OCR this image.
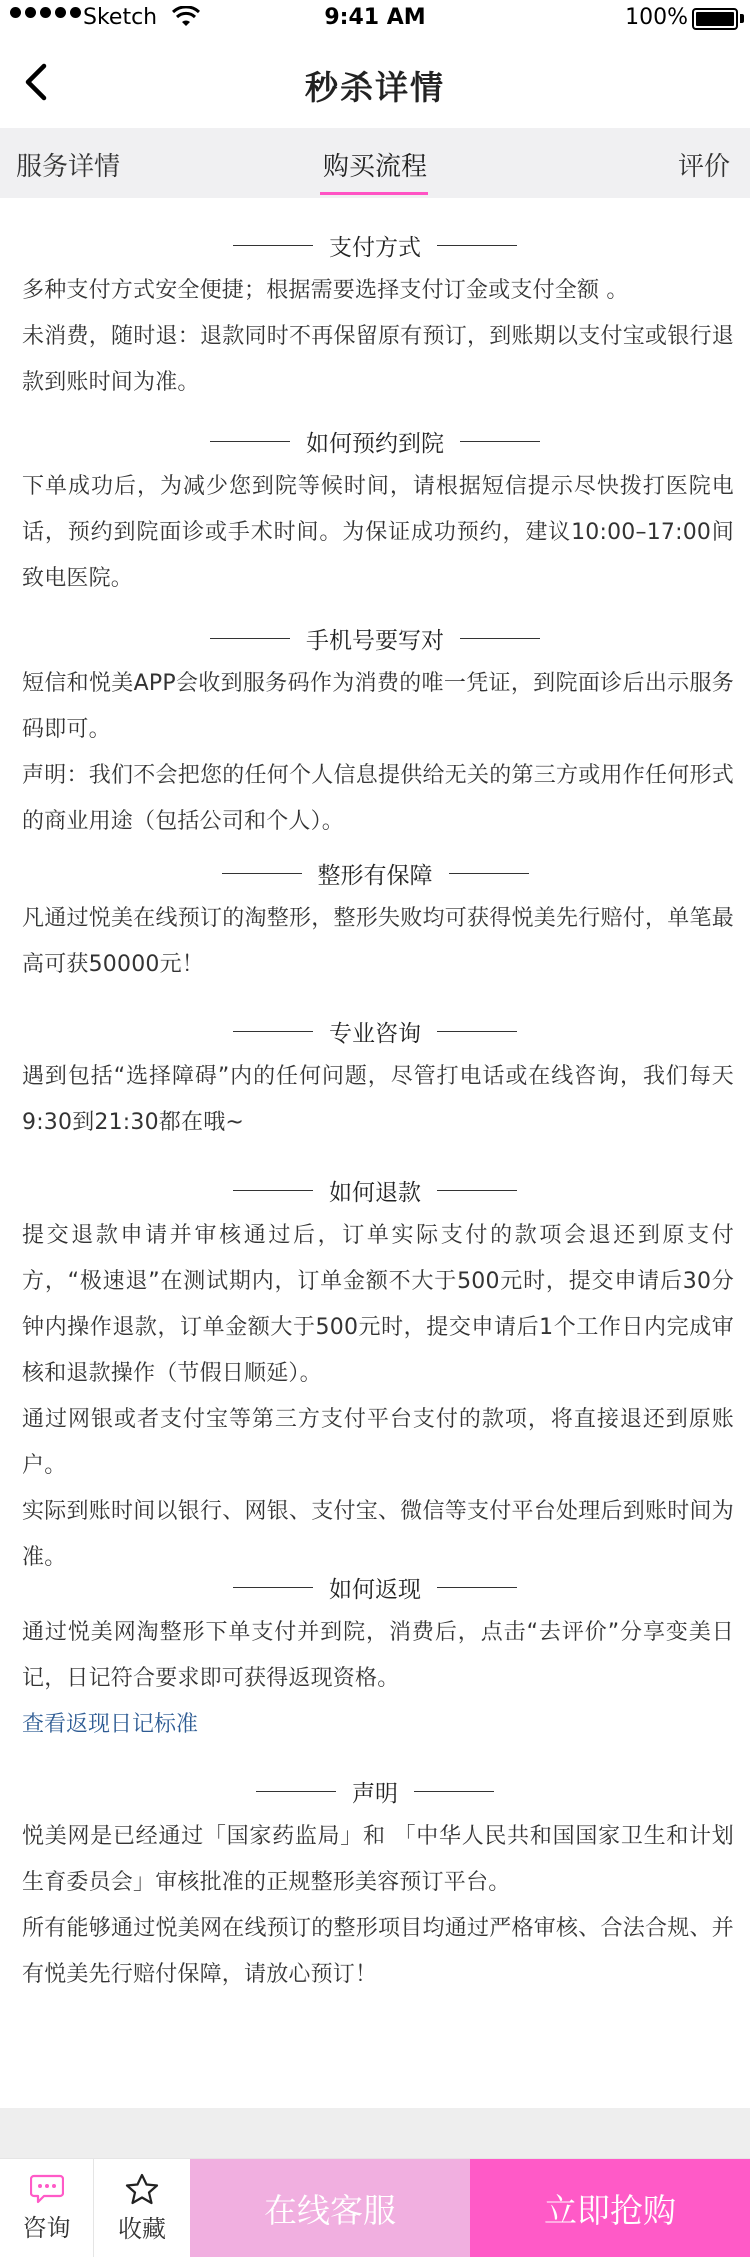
Sketch	9:41 AM	100%
秒杀详情
服务详情	购买流程	评价
支付方式
多种支付方式安全便捷；根据需要选择支付订金或支付全额 。
未消费，随时退：退款同时不再保留原有预订，到账期以支付宝或银行退款到账时间为准。
如何预约到院
下单成功后，为减少您到院等候时间，请根据短信提示尽快拨打医院电话，预约到院面诊或手术时间。为保证成功预约，建议10:00–17:00间致电医院。
手机号要写对
短信和悦美APP会收到服务码作为消费的唯一凭证，到院面诊后出示服务码即可。
声明：我们不会把您的任何个人信息提供给无关的第三方或用作任何形式的商业用途（包括公司和个人）。
整形有保障
凡通过悦美在线预订的淘整形，整形失败均可获得悦美先行赔付，单笔最高可获50000元！
专业咨询
遇到包括“选择障碍”内的任何问题，尽管打电话或在线咨询，我们每天9:30到21:30都在哦~
如何退款
提交退款申请并审核通过后，订单实际支付的款项会退还到原支付方，“极速退”在测试期内，订单金额不大于500元时，提交申请后30分钟内操作退款，订单金额大于500元时，提交申请后1个工作日内完成审核和退款操作（节假日顺延）。
通过网银或者支付宝等第三方支付平台支付的款项，将直接退还到原账户。
实际到账时间以银行、网银、支付宝、微信等支付平台处理后到账时间为准。
如何返现
通过悦美网淘整形下单支付并到院，消费后，点击“去评价”分享变美日记，日记符合要求即可获得返现资格。
查看返现日记标准
声明
悦美网是已经通过「国家药监局」和 「中华人民共和国国家卫生和计划生育委员会」审核批准的正规整形美容预订平台。
所有能够通过悦美网在线预订的整形项目均通过严格审核、合法合规、并有悦美先行赔付保障，请放心预订！
咨询 收藏	在线客服	立即抢购
